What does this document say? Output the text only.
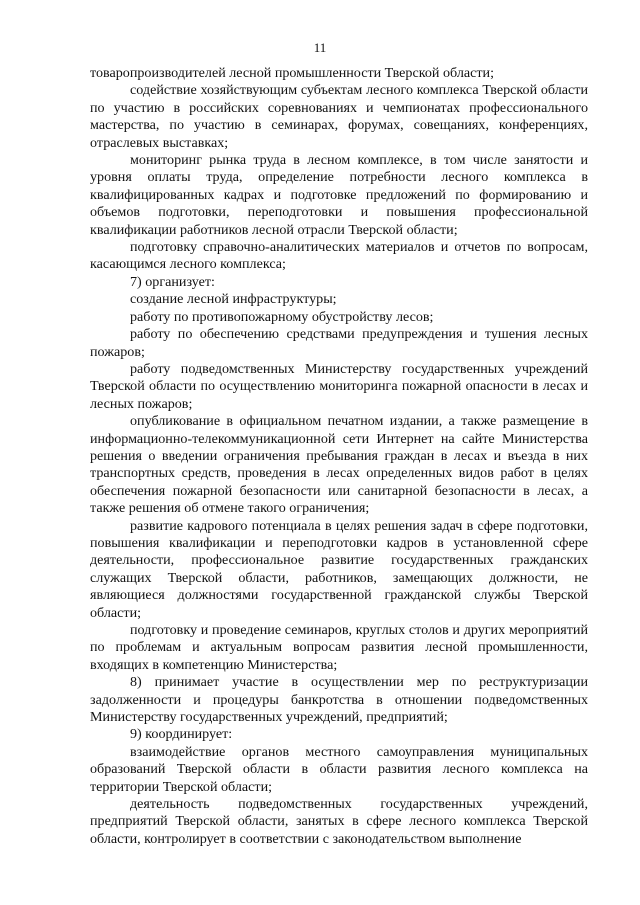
11

товаропроизводителей лесной промышленности Тверской области;

содействие хозяйствующим субъектам лесного комплекса Тверской области по участию в российских соревнованиях и чемпионатах профессионального мастерства, по участию в семинарах, форумах, совещаниях, конференциях, отраслевых выставках;

мониторинг рынка труда в лесном комплексе, в том числе занятости и уровня оплаты труда, определение потребности лесного комплекса в квалифицированных кадрах и подготовке предложений по формированию и объемов подготовки, переподготовки и повышения профессиональной квалификации работников лесной отрасли Тверской области;

подготовку справочно-аналитических материалов и отчетов по вопросам, касающимся лесного комплекса;

7) организует:

создание лесной инфраструктуры;

работу по противопожарному обустройству лесов;

работу по обеспечению средствами предупреждения и тушения лесных пожаров;

работу подведомственных Министерству государственных учреждений Тверской области по осуществлению мониторинга пожарной опасности в лесах и лесных пожаров;

опубликование в официальном печатном издании, а также размещение в информационно-телекоммуникационной сети Интернет на сайте Министерства решения о введении ограничения пребывания граждан в лесах и въезда в них транспортных средств, проведения в лесах определенных видов работ в целях обеспечения пожарной безопасности или санитарной безопасности в лесах, а также решения об отмене такого ограничения;

развитие кадрового потенциала в целях решения задач в сфере подготовки, повышения квалификации и переподготовки кадров в установленной сфере деятельности, профессиональное развитие государственных гражданских служащих Тверской области, работников, замещающих должности, не являющиеся должностями государственной гражданской службы Тверской области;

подготовку и проведение семинаров, круглых столов и других мероприятий по проблемам и актуальным вопросам развития лесной промышленности, входящих в компетенцию Министерства;

8) принимает участие в осуществлении мер по реструктуризации задолженности и процедуры банкротства в отношении подведомственных Министерству государственных учреждений, предприятий;

9) координирует:

взаимодействие органов местного самоуправления муниципальных образований Тверской области в области развития лесного комплекса на территории Тверской области;

деятельность подведомственных государственных учреждений, предприятий Тверской области, занятых в сфере лесного комплекса Тверской области, контролирует в соответствии с законодательством выполнение
